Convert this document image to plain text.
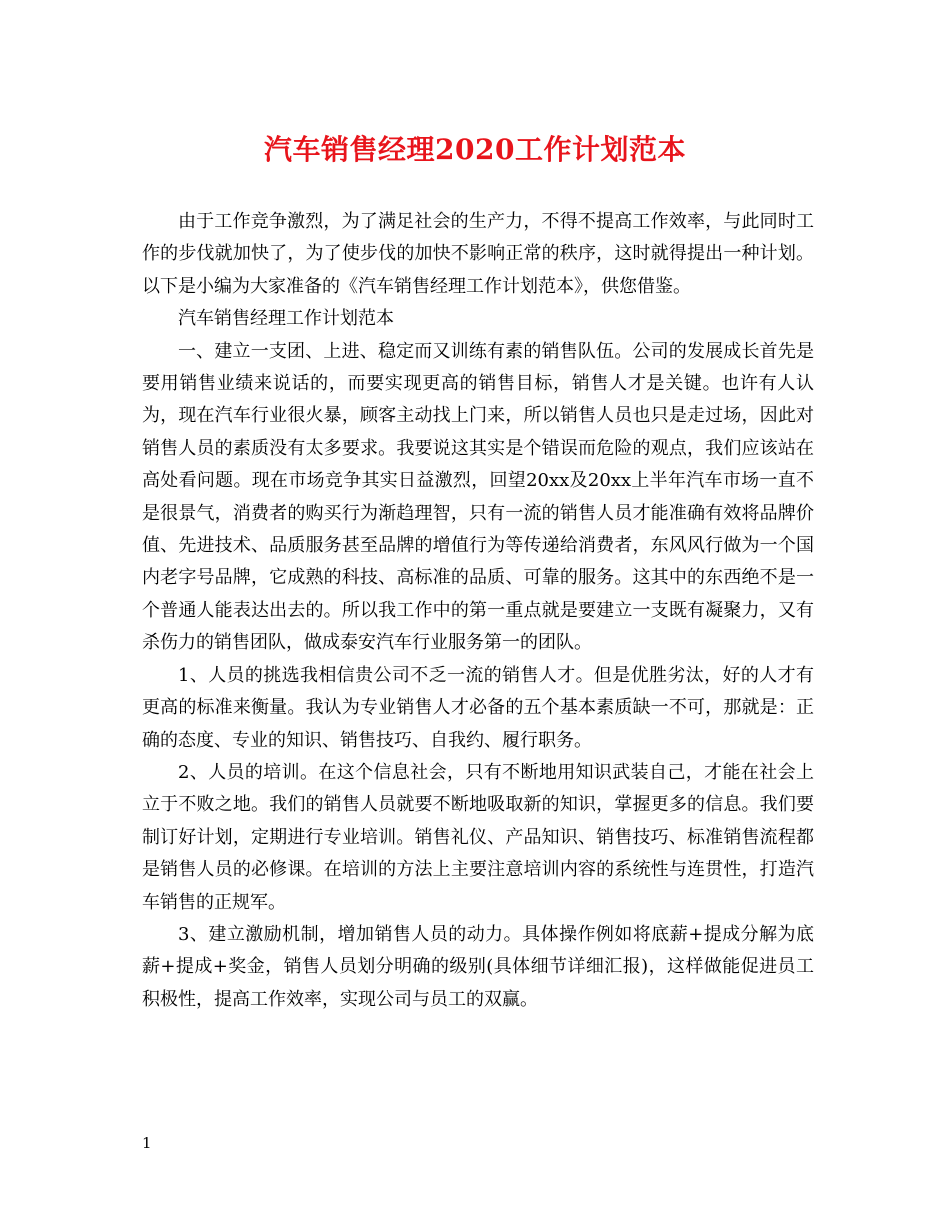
汽车销售经理2020工作计划范本

由于工作竞争激烈，为了满足社会的生产力，不得不提高工作效率，与此同时工作的步伐就加快了，为了使步伐的加快不影响正常的秩序，这时就得提出一种计划。以下是小编为大家准备的《汽车销售经理工作计划范本》，供您借鉴。

汽车销售经理工作计划范本

一、建立一支团、上进、稳定而又训练有素的销售队伍。公司的发展成长首先是要用销售业绩来说话的，而要实现更高的销售目标，销售人才是关键。也许有人认为，现在汽车行业很火暴，顾客主动找上门来，所以销售人员也只是走过场，因此对销售人员的素质没有太多要求。我要说这其实是个错误而危险的观点，我们应该站在高处看问题。现在市场竞争其实日益激烈，回望20xx及20xx上半年汽车市场一直不是很景气，消费者的购买行为渐趋理智，只有一流的销售人员才能准确有效将品牌价值、先进技术、品质服务甚至品牌的增值行为等传递给消费者，东风风行做为一个国内老字号品牌，它成熟的科技、高标准的品质、可靠的服务。这其中的东西绝不是一个普通人能表达出去的。所以我工作中的第一重点就是要建立一支既有凝聚力，又有杀伤力的销售团队，做成泰安汽车行业服务第一的团队。

1、人员的挑选我相信贵公司不乏一流的销售人才。但是优胜劣汰，好的人才有更高的标准来衡量。我认为专业销售人才必备的五个基本素质缺一不可，那就是：正确的态度、专业的知识、销售技巧、自我约、履行职务。

2、人员的培训。在这个信息社会，只有不断地用知识武装自己，才能在社会上立于不败之地。我们的销售人员就要不断地吸取新的知识，掌握更多的信息。我们要制订好计划，定期进行专业培训。销售礼仪、产品知识、销售技巧、标准销售流程都是销售人员的必修课。在培训的方法上主要注意培训内容的系统性与连贯性，打造汽车销售的正规军。

3、建立激励机制，增加销售人员的动力。具体操作例如将底薪+提成分解为底薪+提成+奖金，销售人员划分明确的级别(具体细节详细汇报)，这样做能促进员工积极性，提高工作效率，实现公司与员工的双赢。

1
